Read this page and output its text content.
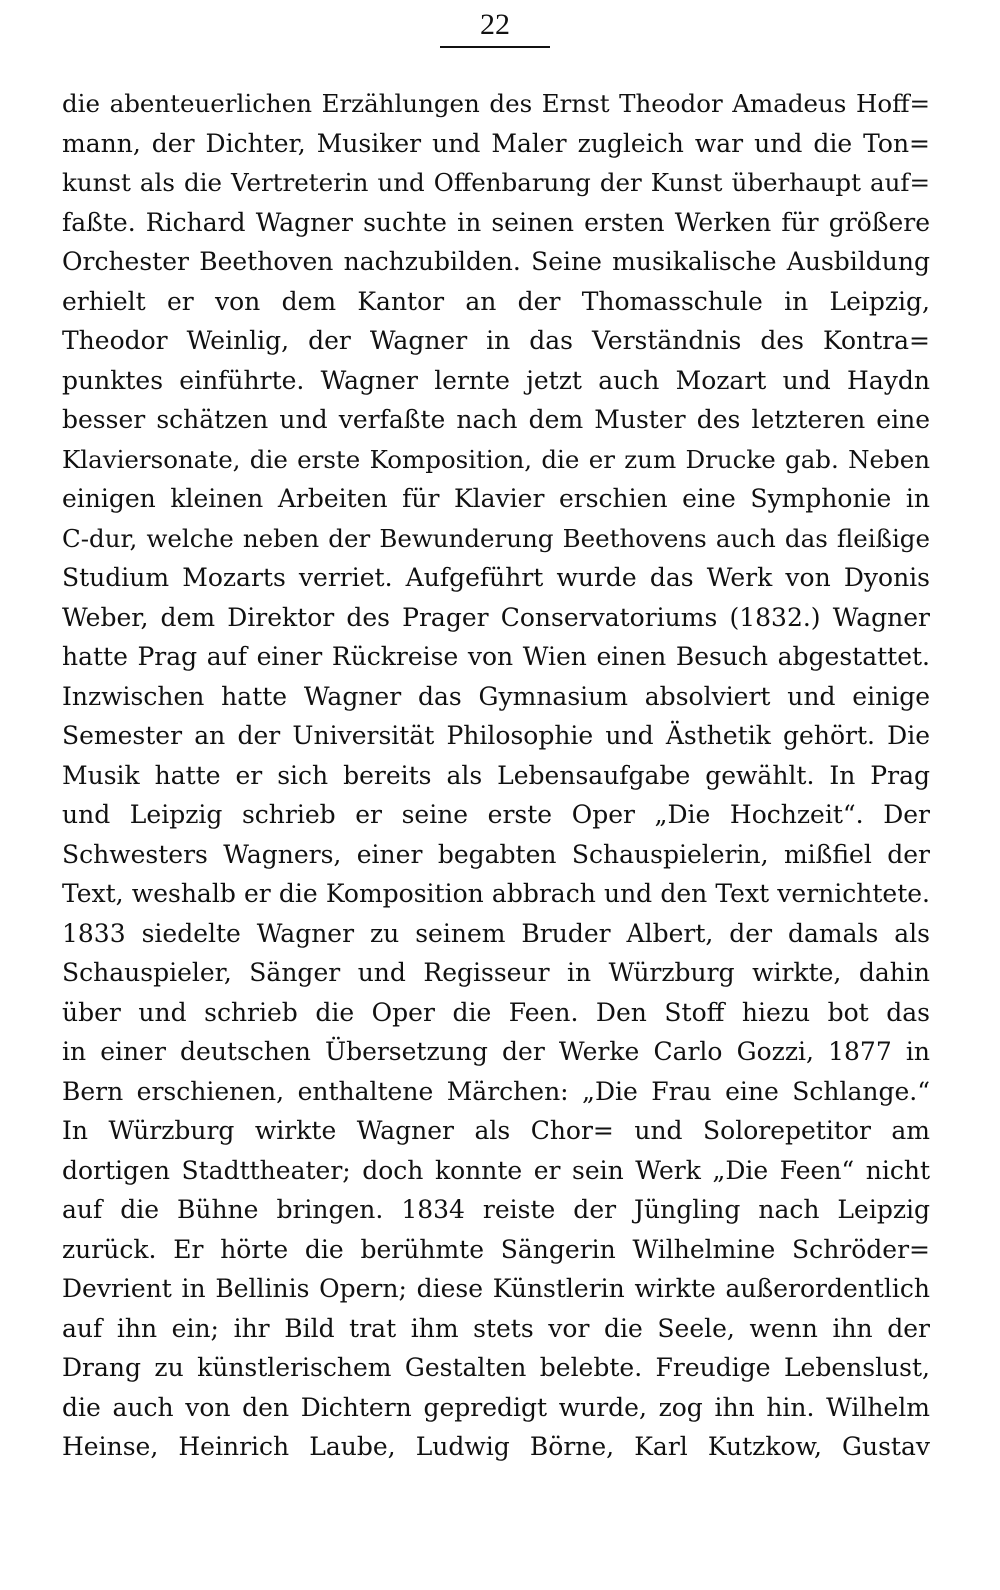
22
die abenteuerlichen Erzählungen des Ernst Theodor Amadeus Hoff=
mann, der Dichter, Musiker und Maler zugleich war und die Ton=
kunst als die Vertreterin und Offenbarung der Kunst überhaupt auf=
faßte. Richard Wagner suchte in seinen ersten Werken für größere
Orchester Beethoven nachzubilden. Seine musikalische Ausbildung
erhielt er von dem Kantor an der Thomasschule in Leipzig,
Theodor Weinlig, der Wagner in das Verständnis des Kontra=
punktes einführte. Wagner lernte jetzt auch Mozart und Haydn
besser schätzen und verfaßte nach dem Muster des letzteren eine
Klaviersonate, die erste Komposition, die er zum Drucke gab. Neben
einigen kleinen Arbeiten für Klavier erschien eine Symphonie in
C-dur, welche neben der Bewunderung Beethovens auch das fleißige
Studium Mozarts verriet. Aufgeführt wurde das Werk von Dyonis
Weber, dem Direktor des Prager Conservatoriums (1832.) Wagner
hatte Prag auf einer Rückreise von Wien einen Besuch abgestattet.
Inzwischen hatte Wagner das Gymnasium absolviert und einige
Semester an der Universität Philosophie und Ästhetik gehört. Die
Musik hatte er sich bereits als Lebensaufgabe gewählt. In Prag
und Leipzig schrieb er seine erste Oper „Die Hochzeit“. Der
Schwesters Wagners, einer begabten Schauspielerin, mißfiel der
Text, weshalb er die Komposition abbrach und den Text vernichtete.
1833 siedelte Wagner zu seinem Bruder Albert, der damals als
Schauspieler, Sänger und Regisseur in Würzburg wirkte, dahin
über und schrieb die Oper die Feen. Den Stoff hiezu bot das
in einer deutschen Übersetzung der Werke Carlo Gozzi, 1877 in
Bern erschienen, enthaltene Märchen: „Die Frau eine Schlange.“
In Würzburg wirkte Wagner als Chor= und Solorepetitor am
dortigen Stadttheater; doch konnte er sein Werk „Die Feen“ nicht
auf die Bühne bringen. 1834 reiste der Jüngling nach Leipzig
zurück. Er hörte die berühmte Sängerin Wilhelmine Schröder=
Devrient in Bellinis Opern; diese Künstlerin wirkte außerordentlich
auf ihn ein; ihr Bild trat ihm stets vor die Seele, wenn ihn der
Drang zu künstlerischem Gestalten belebte. Freudige Lebenslust,
die auch von den Dichtern gepredigt wurde, zog ihn hin. Wilhelm
Heinse, Heinrich Laube, Ludwig Börne, Karl Kutzkow, Gustav
